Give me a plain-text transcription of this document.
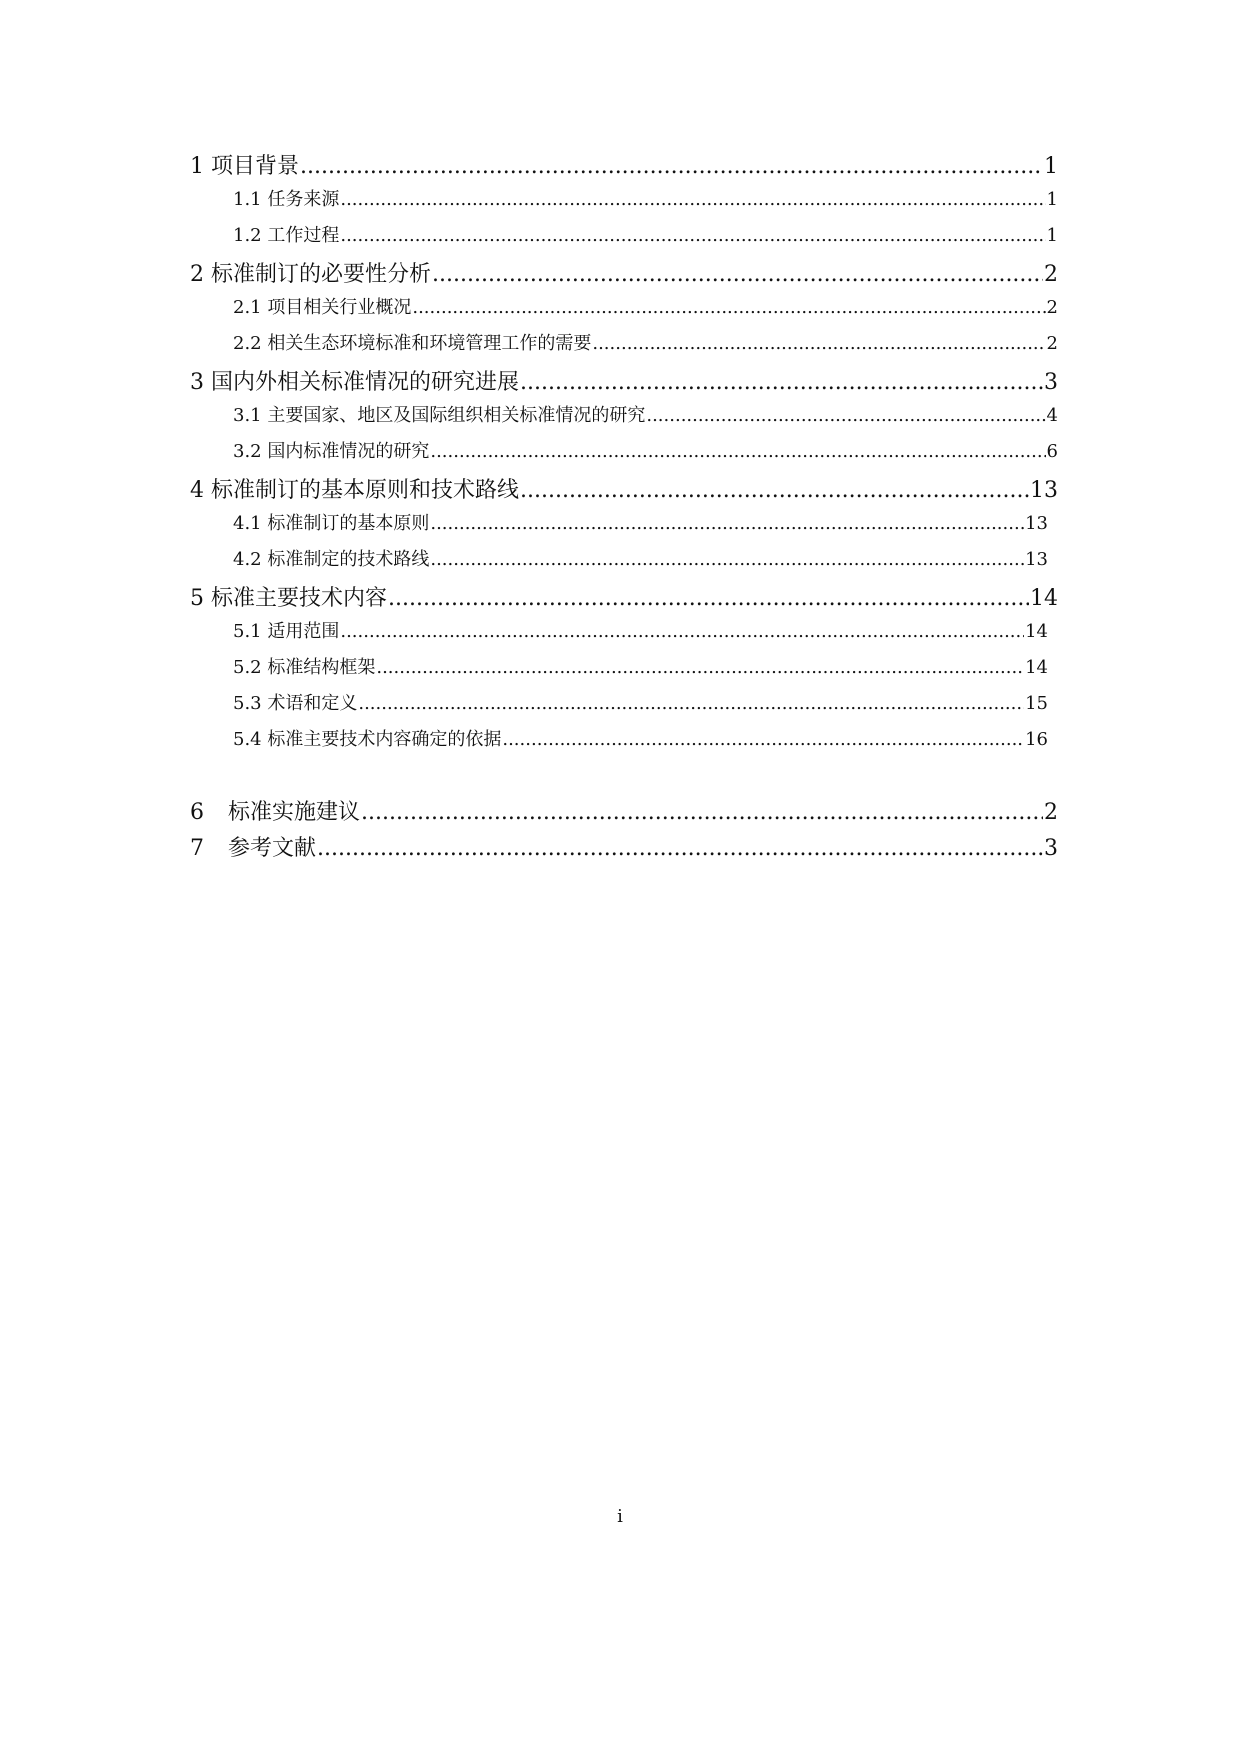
1 项目背景 .....	1
1.1 任务来源 .....	1
1.2 工作过程 .....	1
2 标准制订的必要性分析 .....	2
2.1 项目相关行业概况 .....	2
2.2 相关生态环境标准和环境管理工作的需要 .....	2
3 国内外相关标准情况的研究进展 .....	3
3.1 主要国家、地区及国际组织相关标准情况的研究 .....	4
3.2 国内标准情况的研究 .....	6
4 标准制订的基本原则和技术路线 .....	13
4.1 标准制订的基本原则 .....	13
4.2 标准制定的技术路线 .....	13
5 标准主要技术内容 .....	14
5.1 适用范围 .....	14
5.2 标准结构框架 .....	14
5.3 术语和定义 .....	15
5.4 标准主要技术内容确定的依据 .....	16
6 标准实施建议 .....	2
7 参考文献 .....	3
i
